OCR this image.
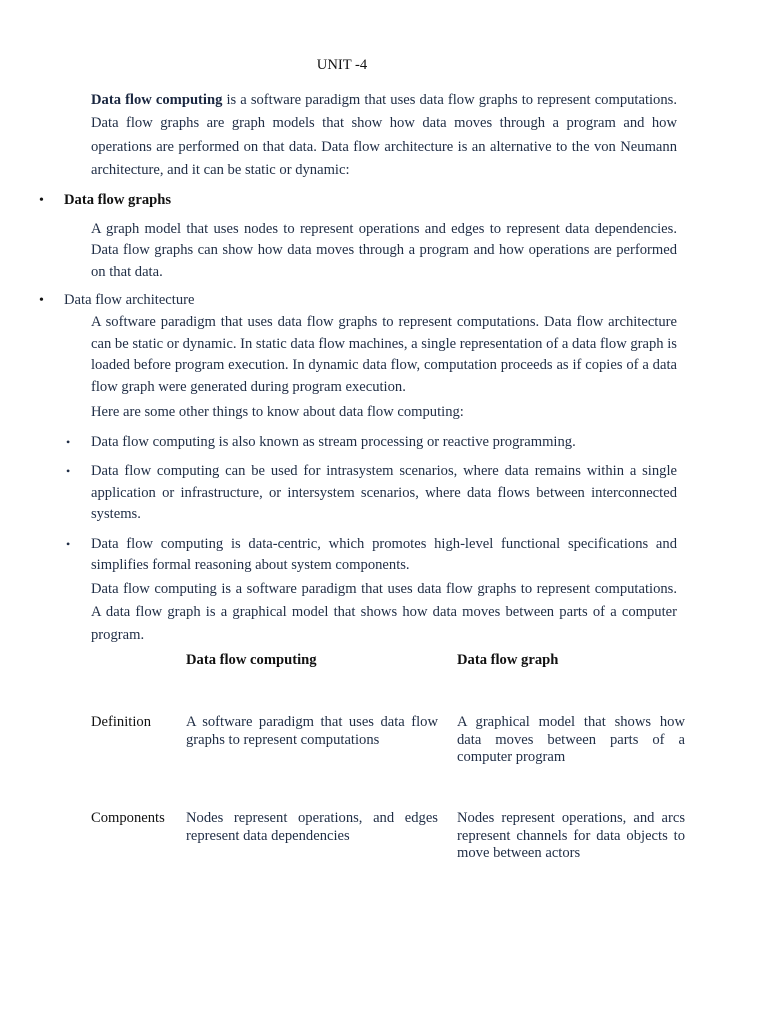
UNIT -4
Data flow computing is a software paradigm that uses data flow graphs to represent computations. Data flow graphs are graph models that show how data moves through a program and how operations are performed on that data. Data flow architecture is an alternative to the von Neumann architecture, and it can be static or dynamic:
• Data flow graphs
A graph model that uses nodes to represent operations and edges to represent data dependencies. Data flow graphs can show how data moves through a program and how operations are performed on that data.
• Data flow architecture
A software paradigm that uses data flow graphs to represent computations. Data flow architecture can be static or dynamic. In static data flow machines, a single representation of a data flow graph is loaded before program execution. In dynamic data flow, computation proceeds as if copies of a data flow graph were generated during program execution.
Here are some other things to know about data flow computing:
• Data flow computing is also known as stream processing or reactive programming.
• Data flow computing can be used for intrasystem scenarios, where data remains within a single application or infrastructure, or intersystem scenarios, where data flows between interconnected systems.
• Data flow computing is data-centric, which promotes high-level functional specifications and simplifies formal reasoning about system components.
Data flow computing is a software paradigm that uses data flow graphs to represent computations. A data flow graph is a graphical model that shows how data moves between parts of a computer program.
	Data flow computing	Data flow graph
Definition	A software paradigm that uses data flow graphs to represent computations	A graphical model that shows how data moves between parts of a computer program
Components	Nodes represent operations, and edges represent data dependencies	Nodes represent operations, and arcs represent channels for data objects to move between actors
